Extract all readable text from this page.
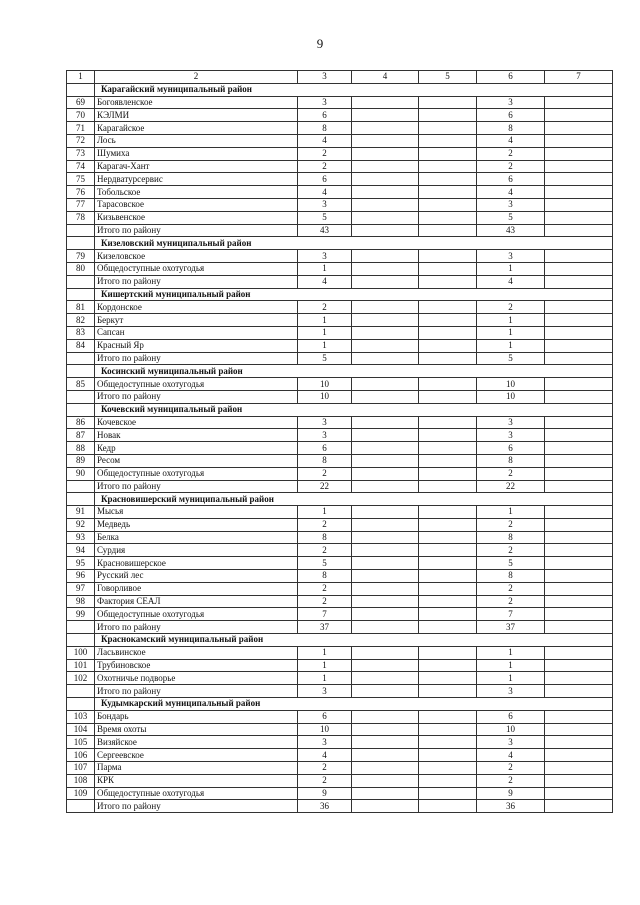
9
1	2	3	4	5	6	7
	Карагайский муниципальный район					
69	Богоявленское	3			3	
70	КЭЛМИ	6			6	
71	Карагайское	8			8	
72	Лось	4			4	
73	Шумиха	2			2	
74	Карагач-Хант	2			2	
75	Нердватурсервис	6			6	
76	Тобольское	4			4	
77	Тарасовское	3			3	
78	Кизьвенское	5			5	
	Итого по району	43			43	
	Кизеловский муниципальный район					
79	Кизеловское	3			3	
80	Общедоступные охотугодья	1			1	
	Итого по району	4			4	
	Кишертский муниципальный район					
81	Кордонское	2			2	
82	Беркут	1			1	
83	Сапсан	1			1	
84	Красный Яр	1			1	
	Итого по району	5			5	
	Косинский муниципальный район					
85	Общедоступные охотугодья	10			10	
	Итого по району	10			10	
	Кочевский муниципальный район					
86	Кочевское	3			3	
87	Новак	3			3	
88	Кедр	6			6	
89	Ресом	8			8	
90	Общедоступные охотугодья	2			2	
	Итого по району	22			22	
	Красновишерский муниципальный район					
91	Мысья	1			1	
92	Медведь	2			2	
93	Белка	8			8	
94	Сурдия	2			2	
95	Красновишерское	5			5	
96	Русский лес	8			8	
97	Говорливое	2			2	
98	Фактория СЕАЛ	2			2	
99	Общедоступные охотугодья	7			7	
	Итого по району	37			37	
	Краснокамский муниципальный район					
100	Ласьвинское	1			1	
101	Трубиновское	1			1	
102	Охотничье подворье	1			1	
	Итого по району	3			3	
	Кудымкарский муниципальный район					
103	Бондарь	6			6	
104	Время охоты	10			10	
105	Визяйское	3			3	
106	Сергеевское	4			4	
107	Парма	2			2	
108	КРК	2			2	
109	Общедоступные охотугодья	9			9	
	Итого по району	36			36	
